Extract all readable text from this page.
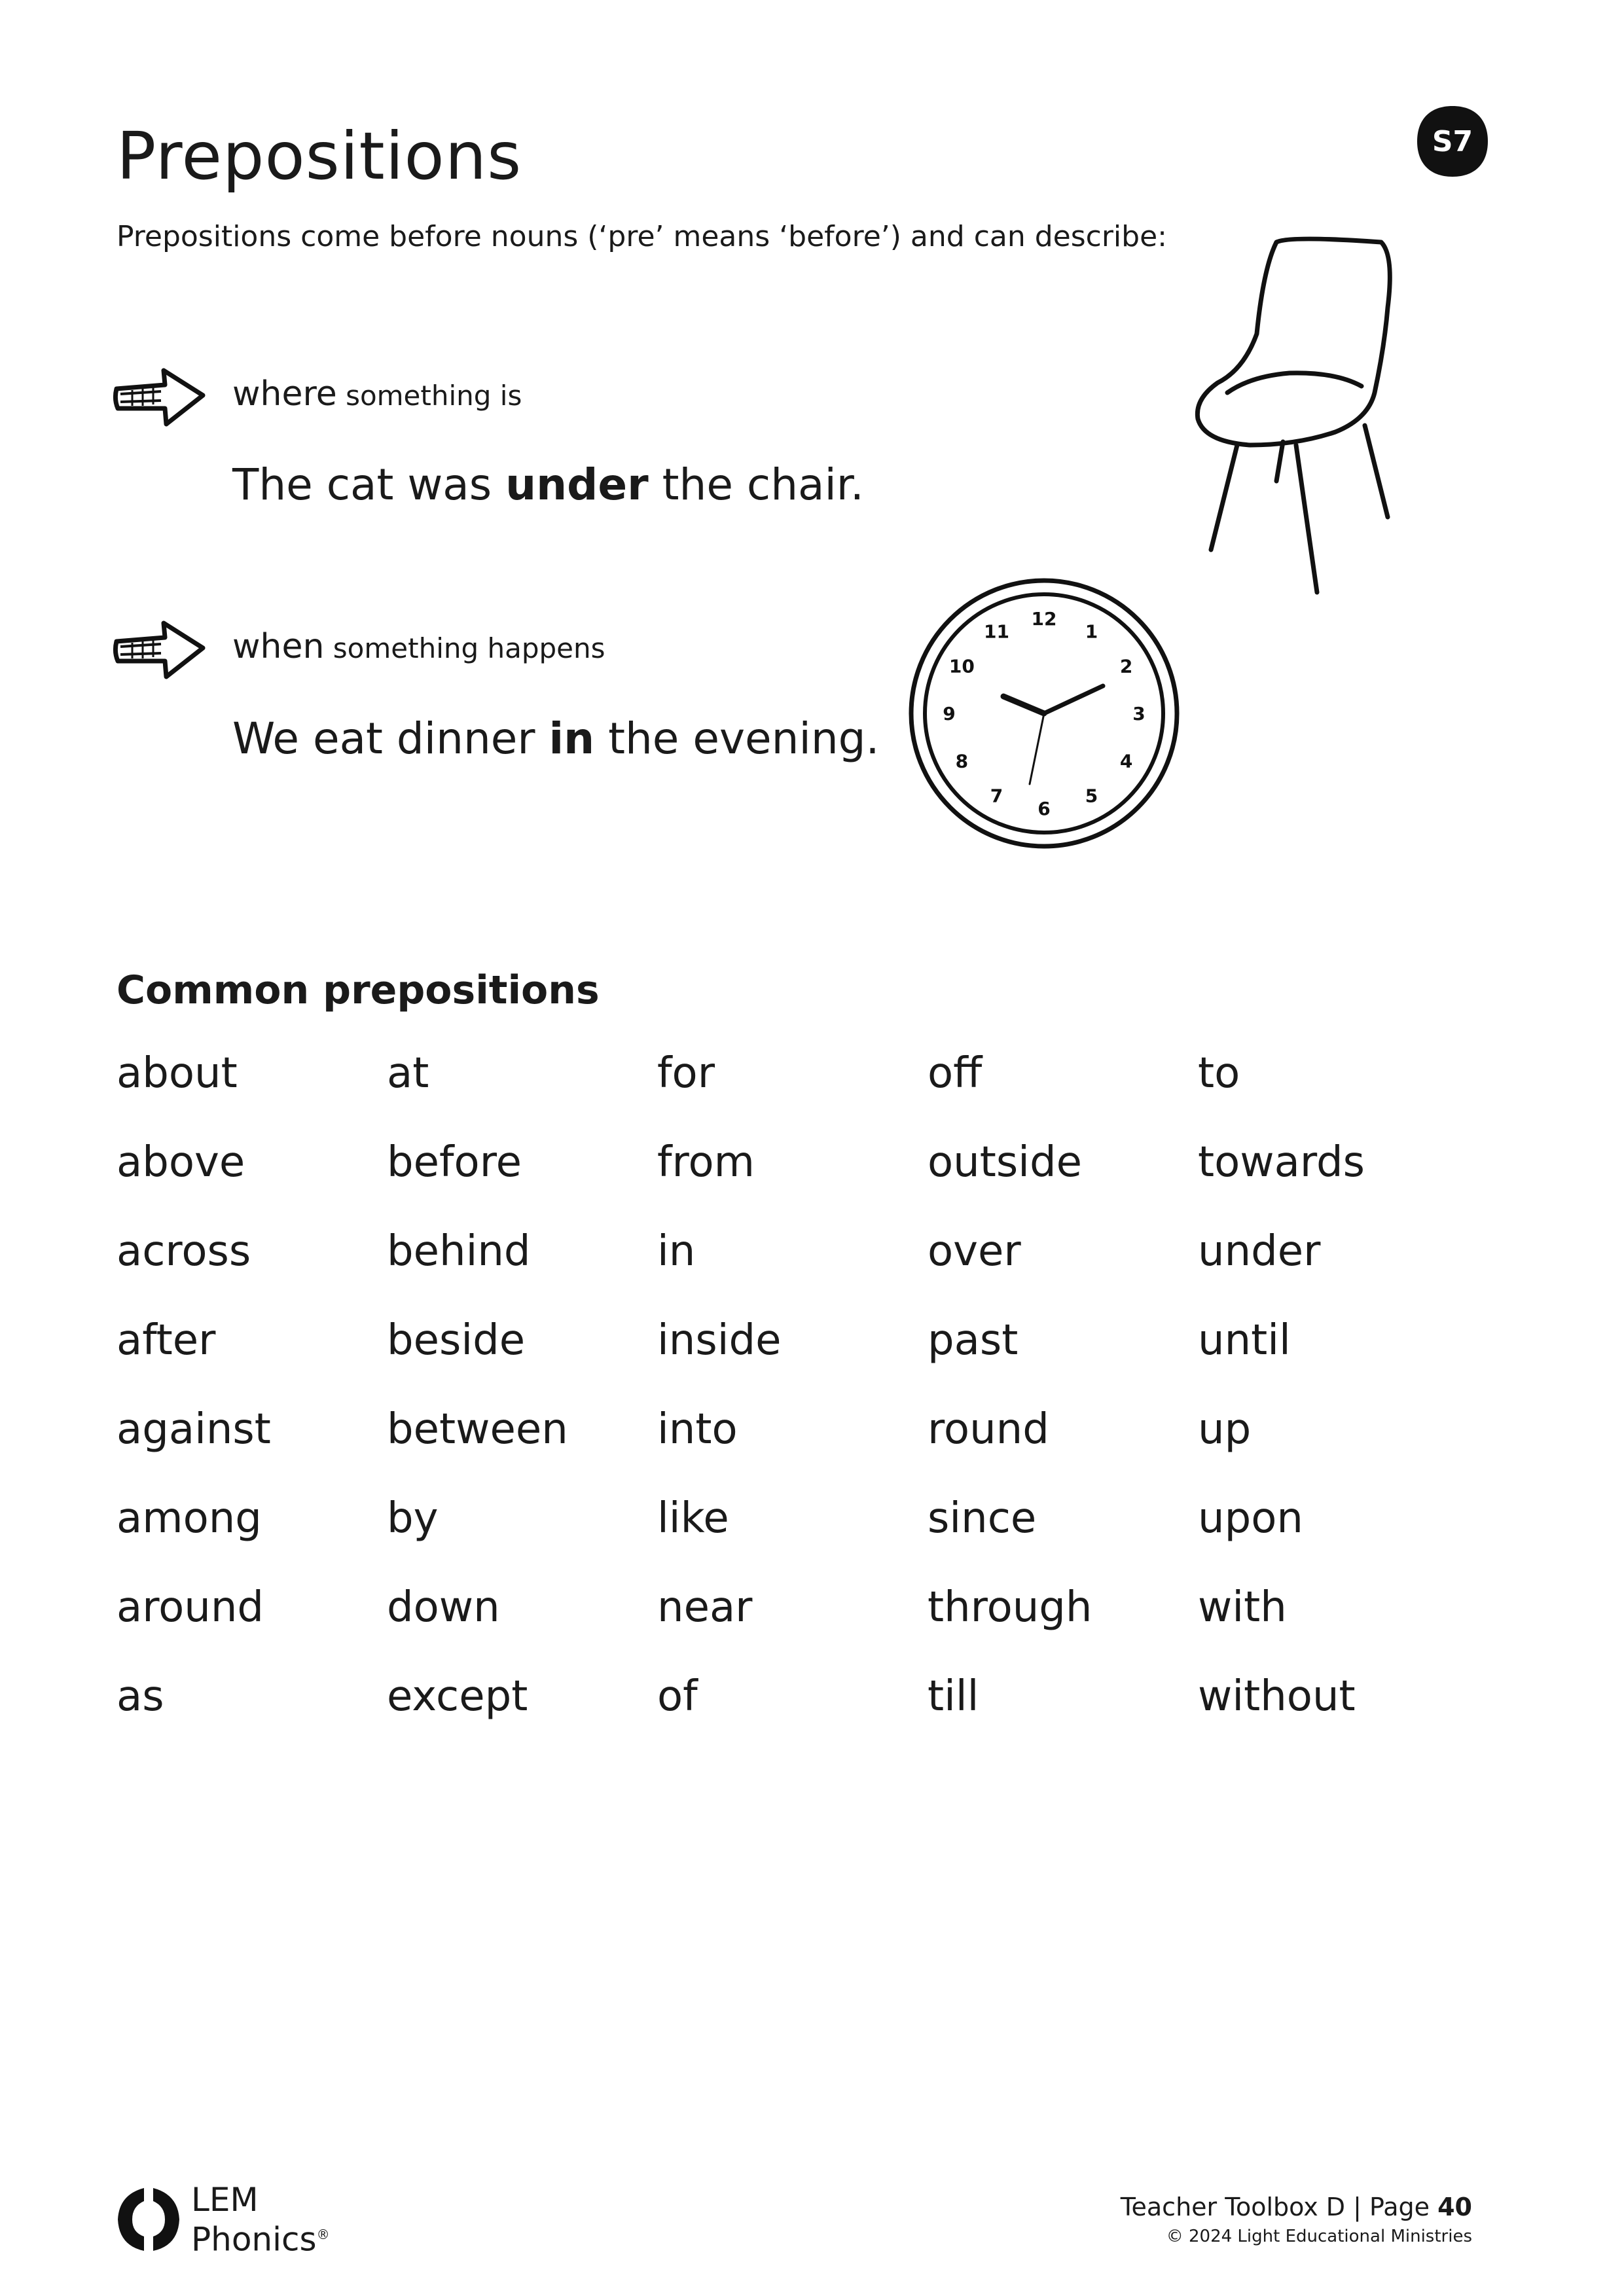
Prepositions	S7
Prepositions come before nouns (‘pre’ means ‘before’) and can describe:
where something is
The cat was under the chair.
when something happens
We eat dinner in the evening.
12
1
2
3
4
5
6
7
8
9
10
11
Common prepositions
about	at	for	off	to
above	before	from	outside	towards
across	behind	in	over	under
after	beside	inside	past	until
against	between	into	round	up
among	by	like	since	upon
around	down	near	through	with
as	except	of	till	without
LEM
Phonics®
Teacher Toolbox D | Page 40
© 2024 Light Educational Ministries
